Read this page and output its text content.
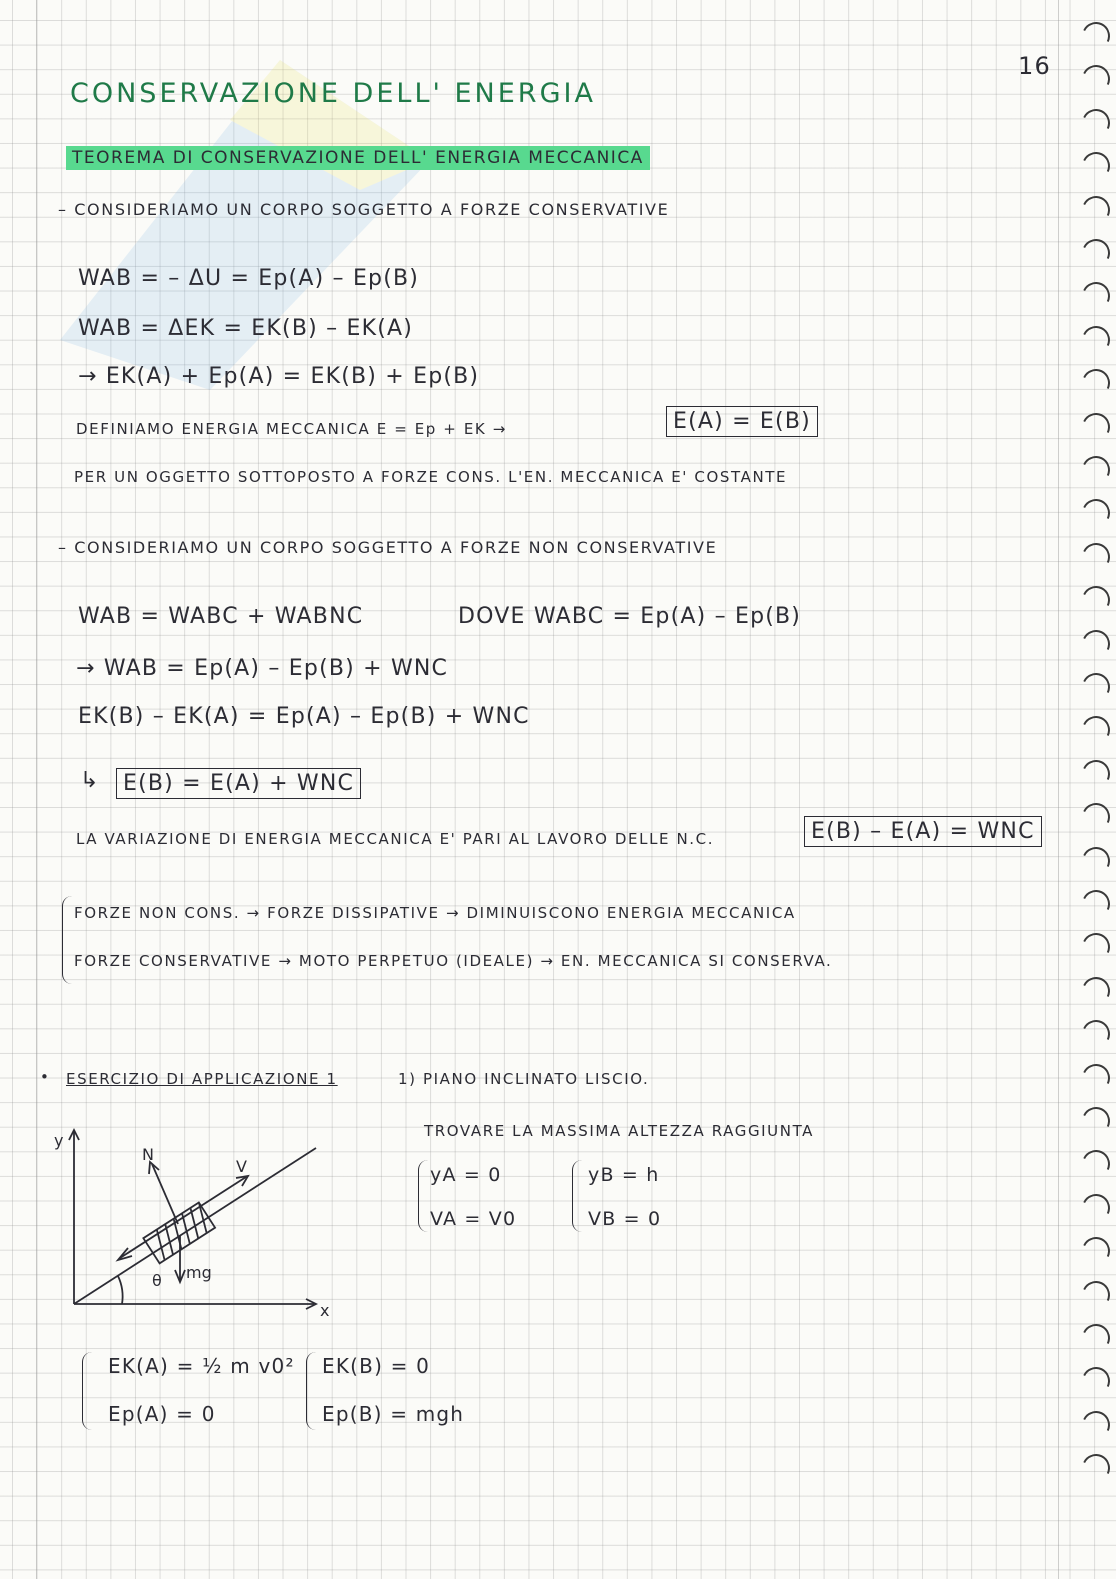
16
CONSERVAZIONE DELL' ENERGIA
TEOREMA DI CONSERVAZIONE DELL' ENERGIA MECCANICA
– CONSIDERIAMO UN CORPO SOGGETTO A FORZE CONSERVATIVE
WAB = – ΔU = Ep(A) – Ep(B)
WAB = ΔEK = EK(B) – EK(A)
→ EK(A) + Ep(A) = EK(B) + Ep(B)
DEFINIAMO ENERGIA MECCANICA E = Ep + EK →	E(A) = E(B)
PER UN OGGETTO SOTTOPOSTO A FORZE CONS. L'EN. MECCANICA E' COSTANTE
– CONSIDERIAMO UN CORPO SOGGETTO A FORZE NON CONSERVATIVE
WAB = WABC + WABNC	DOVE WABC = Ep(A) – Ep(B)
→ WAB = Ep(A) – Ep(B) + WNC
EK(B) – EK(A) = Ep(A) – Ep(B) + WNC
↳	E(B) = E(A) + WNC
LA VARIAZIONE DI ENERGIA MECCANICA E' PARI AL LAVORO DELLE N.C.	E(B) – E(A) = WNC
FORZE NON CONS. → FORZE DISSIPATIVE → DIMINUISCONO ENERGIA MECCANICA
FORZE CONSERVATIVE → MOTO PERPETUO (IDEALE) → EN. MECCANICA SI CONSERVA.
• ESERCIZIO DI APPLICAZIONE 1	1) PIANO INCLINATO LISCIO.
TROVARE LA MASSIMA ALTEZZA RAGGIUNTA
yA = 0
VA = V0
yB = h
VB = 0
y
x
N
V
mg
θ
EK(A) = ½ m v0²
Ep(A) = 0
EK(B) = 0
Ep(B) = mgh
